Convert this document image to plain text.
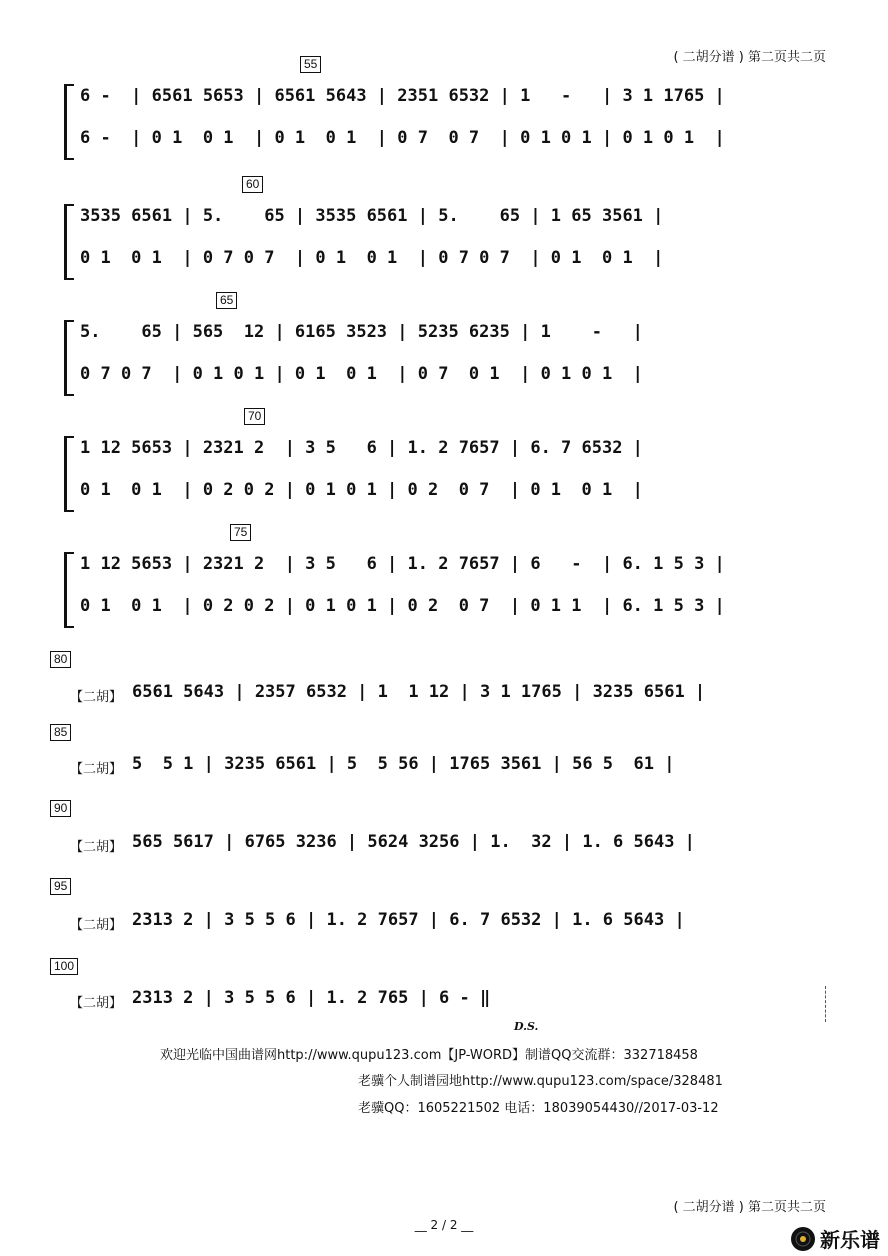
( 二胡分谱 ) 第二页共二页
55
6 -  | 6561 5653 | 6561 5643 | 2351 6532 | 1   -   | 3 1 1765 |
6 -  | 0 1  0 1  | 0 1  0 1  | 0 7  0 7  | 0 1 0 1 | 0 1 0 1  |
60
3535 6561 | 5.    65 | 3535 6561 | 5.    65 | 1 65 3561 |
0 1  0 1  | 0 7 0 7  | 0 1  0 1  | 0 7 0 7  | 0 1  0 1  |
65
5.    65 | 565  12 | 6165 3523 | 5235 6235 | 1    -   |
0 7 0 7  | 0 1 0 1 | 0 1  0 1  | 0 7  0 1  | 0 1 0 1  |
70
1 12 5653 | 2321 2  | 3 5   6 | 1. 2 7657 | 6. 7 6532 |
0 1  0 1  | 0 2 0 2 | 0 1 0 1 | 0 2  0 7  | 0 1  0 1  |
75
1 12 5653 | 2321 2  | 3 5   6 | 1. 2 7657 | 6   -  | 6. 1 5 3 |
0 1  0 1  | 0 2 0 2 | 0 1 0 1 | 0 2  0 7  | 0 1 1  | 6. 1 5 3 |
80
【二胡】 6561 5643 | 2357 6532 | 1  1 12 | 3 1 1765 | 3235 6561 |
85
【二胡】 5  5 1 | 3235 6561 | 5  5 56 | 1765 3561 | 56 5  61 |
90
【二胡】 565 5617 | 6765 3236 | 5624 3256 | 1.  32 | 1. 6 5643 |
95
【二胡】 2313 2 | 3 5 5 6 | 1. 2 7657 | 6. 7 6532 | 1. 6 5643 |
100
【二胡】 2313 2 | 3 5 5 6 | 1. 2 765 | 6 - ‖
D.S.
欢迎光临中国曲谱网http://www.qupu123.com【JP-WORD】制谱QQ交流群：332718458
老骥个人制谱园地http://www.qupu123.com/space/328481
老骥QQ：1605221502 电话：18039054430//2017-03-12
( 二胡分谱 ) 第二页共二页
__ 2 / 2 __
新乐谱
